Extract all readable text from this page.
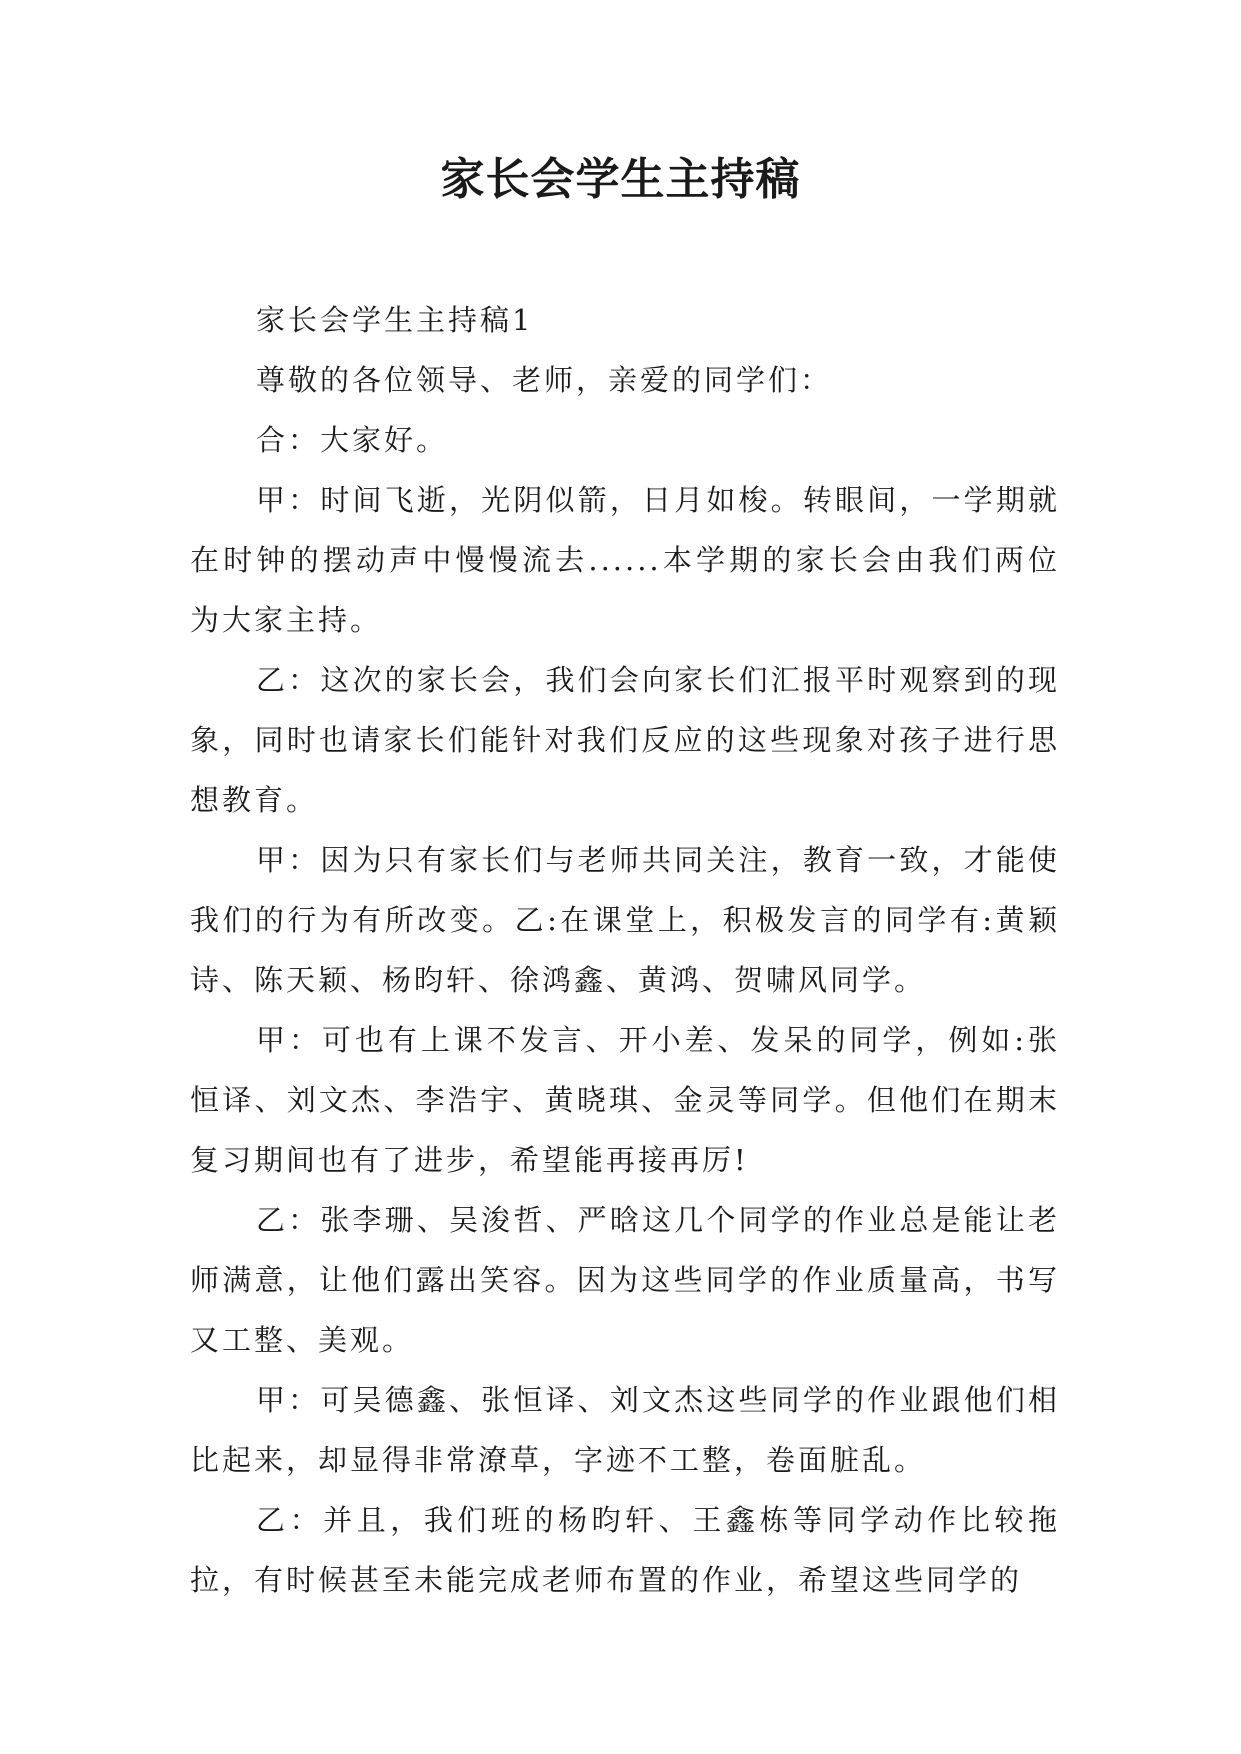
家长会学生主持稿

家长会学生主持稿1

尊敬的各位领导、老师，亲爱的同学们：

合：大家好。

甲：时间飞逝，光阴似箭，日月如梭。转眼间，一学期就在时钟的摆动声中慢慢流去......本学期的家长会由我们两位为大家主持。

乙：这次的家长会，我们会向家长们汇报平时观察到的现象，同时也请家长们能针对我们反应的这些现象对孩子进行思想教育。

甲：因为只有家长们与老师共同关注，教育一致，才能使我们的行为有所改变。乙:在课堂上，积极发言的同学有:黄颖诗、陈天颖、杨昀轩、徐鸿鑫、黄鸿、贺啸风同学。

甲：可也有上课不发言、开小差、发呆的同学，例如:张恒译、刘文杰、李浩宇、黄晓琪、金灵等同学。但他们在期末复习期间也有了进步，希望能再接再厉!

乙：张李珊、吴浚哲、严晗这几个同学的作业总是能让老师满意，让他们露出笑容。因为这些同学的作业质量高，书写又工整、美观。

甲：可吴德鑫、张恒译、刘文杰这些同学的作业跟他们相比起来，却显得非常潦草，字迹不工整，卷面脏乱。

乙：并且，我们班的杨昀轩、王鑫栋等同学动作比较拖拉，有时候甚至未能完成老师布置的作业，希望这些同学的
